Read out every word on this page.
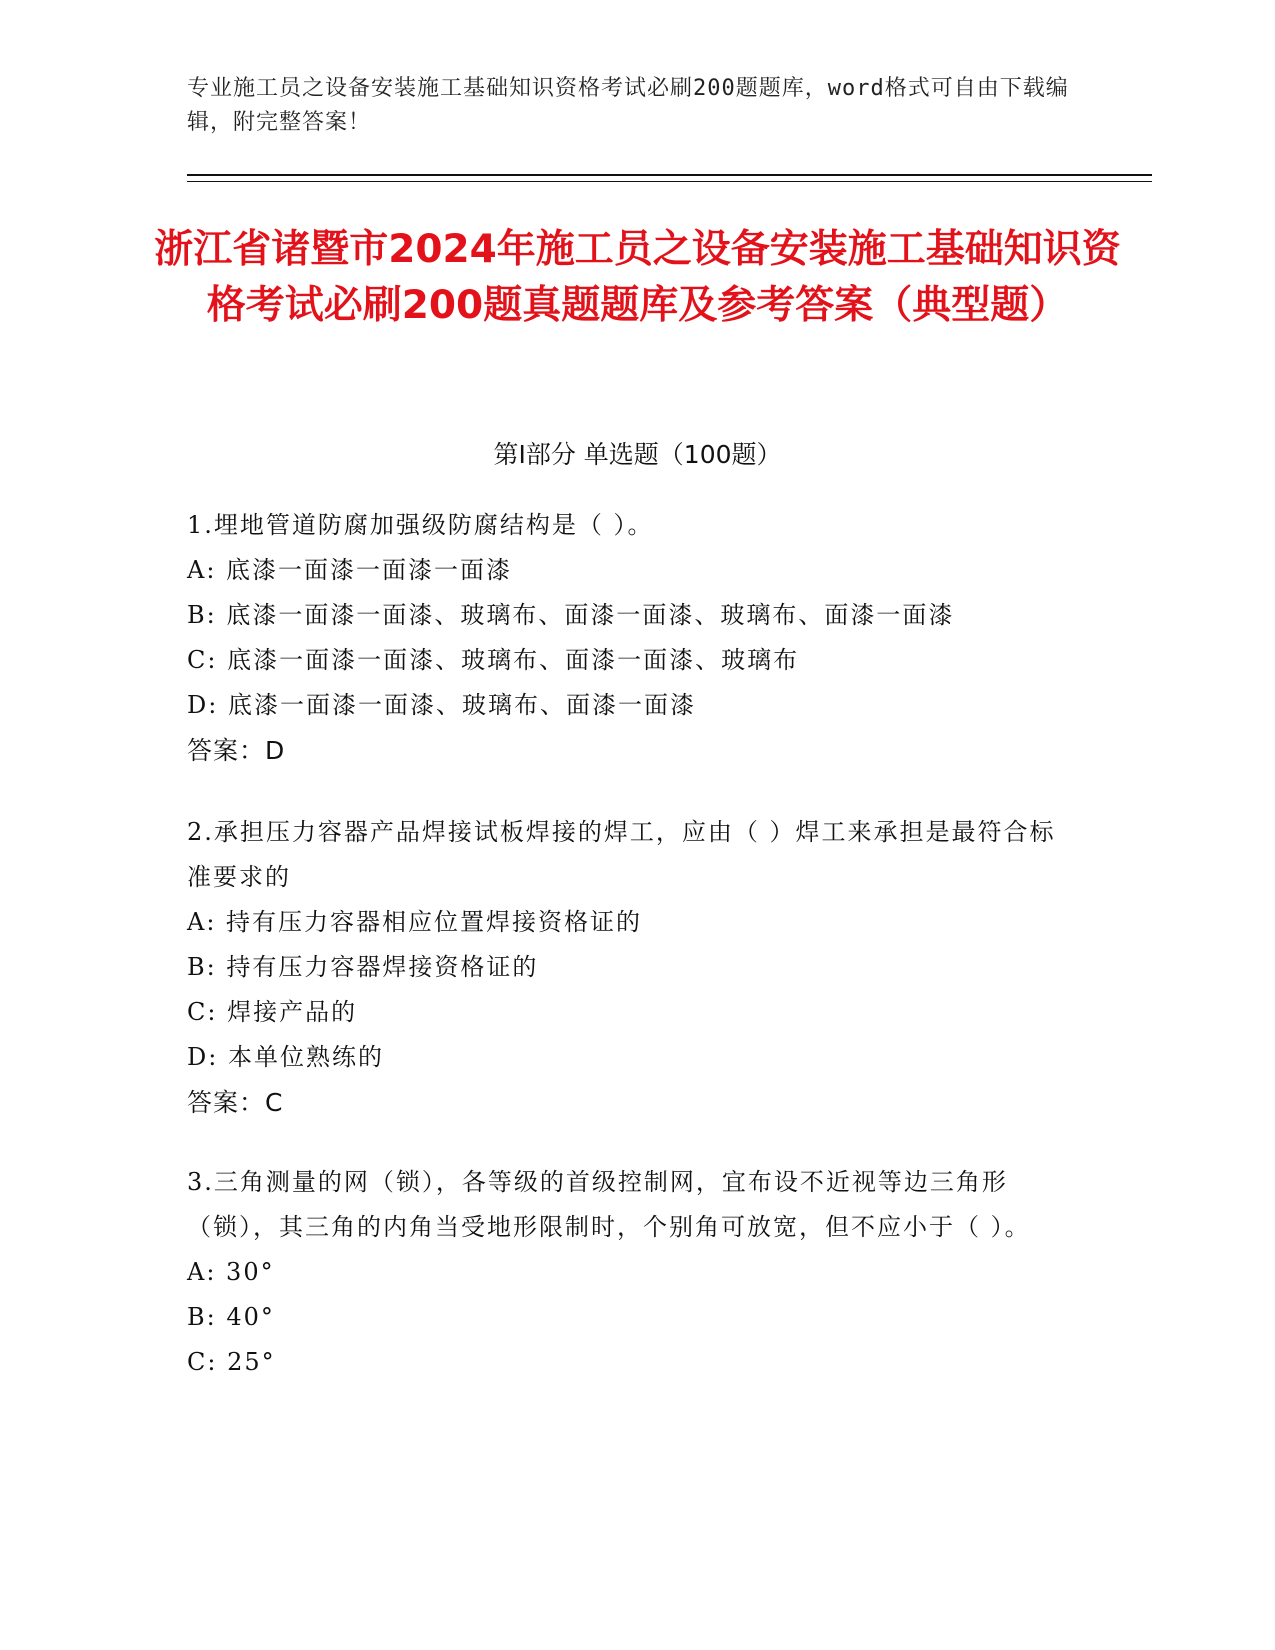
专业施工员之设备安装施工基础知识资格考试必刷200题题库，word格式可自由下载编辑，附完整答案！
浙江省诸暨市2024年施工员之设备安装施工基础知识资格考试必刷200题真题题库及参考答案（典型题）
第Ⅰ部分 单选题（100题）
1.埋地管道防腐加强级防腐结构是（ ）。
A: 底漆一面漆一面漆一面漆
B: 底漆一面漆一面漆、玻璃布、面漆一面漆、玻璃布、面漆一面漆
C: 底漆一面漆一面漆、玻璃布、面漆一面漆、玻璃布
D: 底漆一面漆一面漆、玻璃布、面漆一面漆
答案：D
2.承担压力容器产品焊接试板焊接的焊工，应由（ ）焊工来承担是最符合标准要求的
A: 持有压力容器相应位置焊接资格证的
B: 持有压力容器焊接资格证的
C: 焊接产品的
D: 本单位熟练的
答案：C
3.三角测量的网（锁），各等级的首级控制网，宜布设不近视等边三角形（锁），其三角的内角当受地形限制时，个别角可放宽，但不应小于（ ）。
A: 30°
B: 40°
C: 25°
